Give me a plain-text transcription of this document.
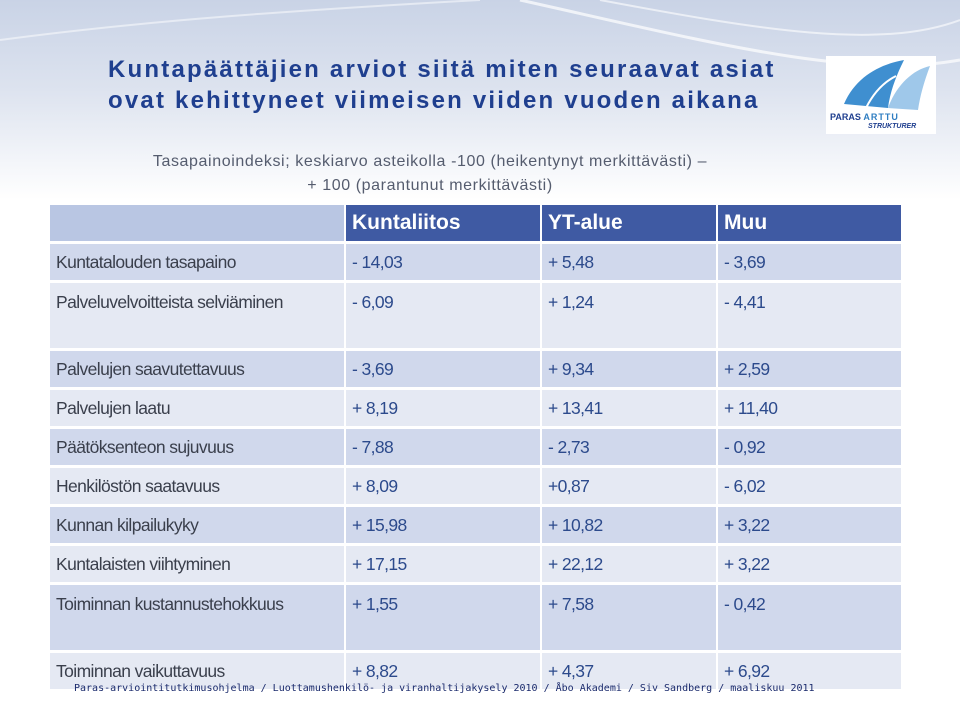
Kuntapäättäjien arviot siitä miten seuraavat asiat
ovat kehittyneet viimeisen viiden vuoden aikana
PARAS ARTTU
STRUKTURER
Tasapainoindeksi; keskiarvo asteikolla -100 (heikentynyt merkittävästi) –
+ 100 (parantunut merkittävästi)
	Kuntaliitos	YT-alue	Muu
Kuntatalouden tasapaino	- 14,03	+ 5,48	- 3,69
Palveluvelvoitteista selviäminen	- 6,09	+ 1,24	- 4,41
Palvelujen saavutettavuus	- 3,69	+ 9,34	+ 2,59
Palvelujen laatu	+ 8,19	+ 13,41	+ 11,40
Päätöksenteon sujuvuus	- 7,88	- 2,73	- 0,92
Henkilöstön saatavuus	+ 8,09	+0,87	- 6,02
Kunnan kilpailukyky	+ 15,98	+ 10,82	+ 3,22
Kuntalaisten viihtyminen	+ 17,15	+ 22,12	+ 3,22
Toiminnan kustannustehokkuus	+ 1,55	+ 7,58	- 0,42
Toiminnan vaikuttavuus	+ 8,82	+ 4,37	+ 6,92
Paras-arviointitutkimusohjelma / Luottamushenkilö- ja viranhaltijakysely 2010 / Åbo Akademi / Siv Sandberg / maaliskuu 2011
